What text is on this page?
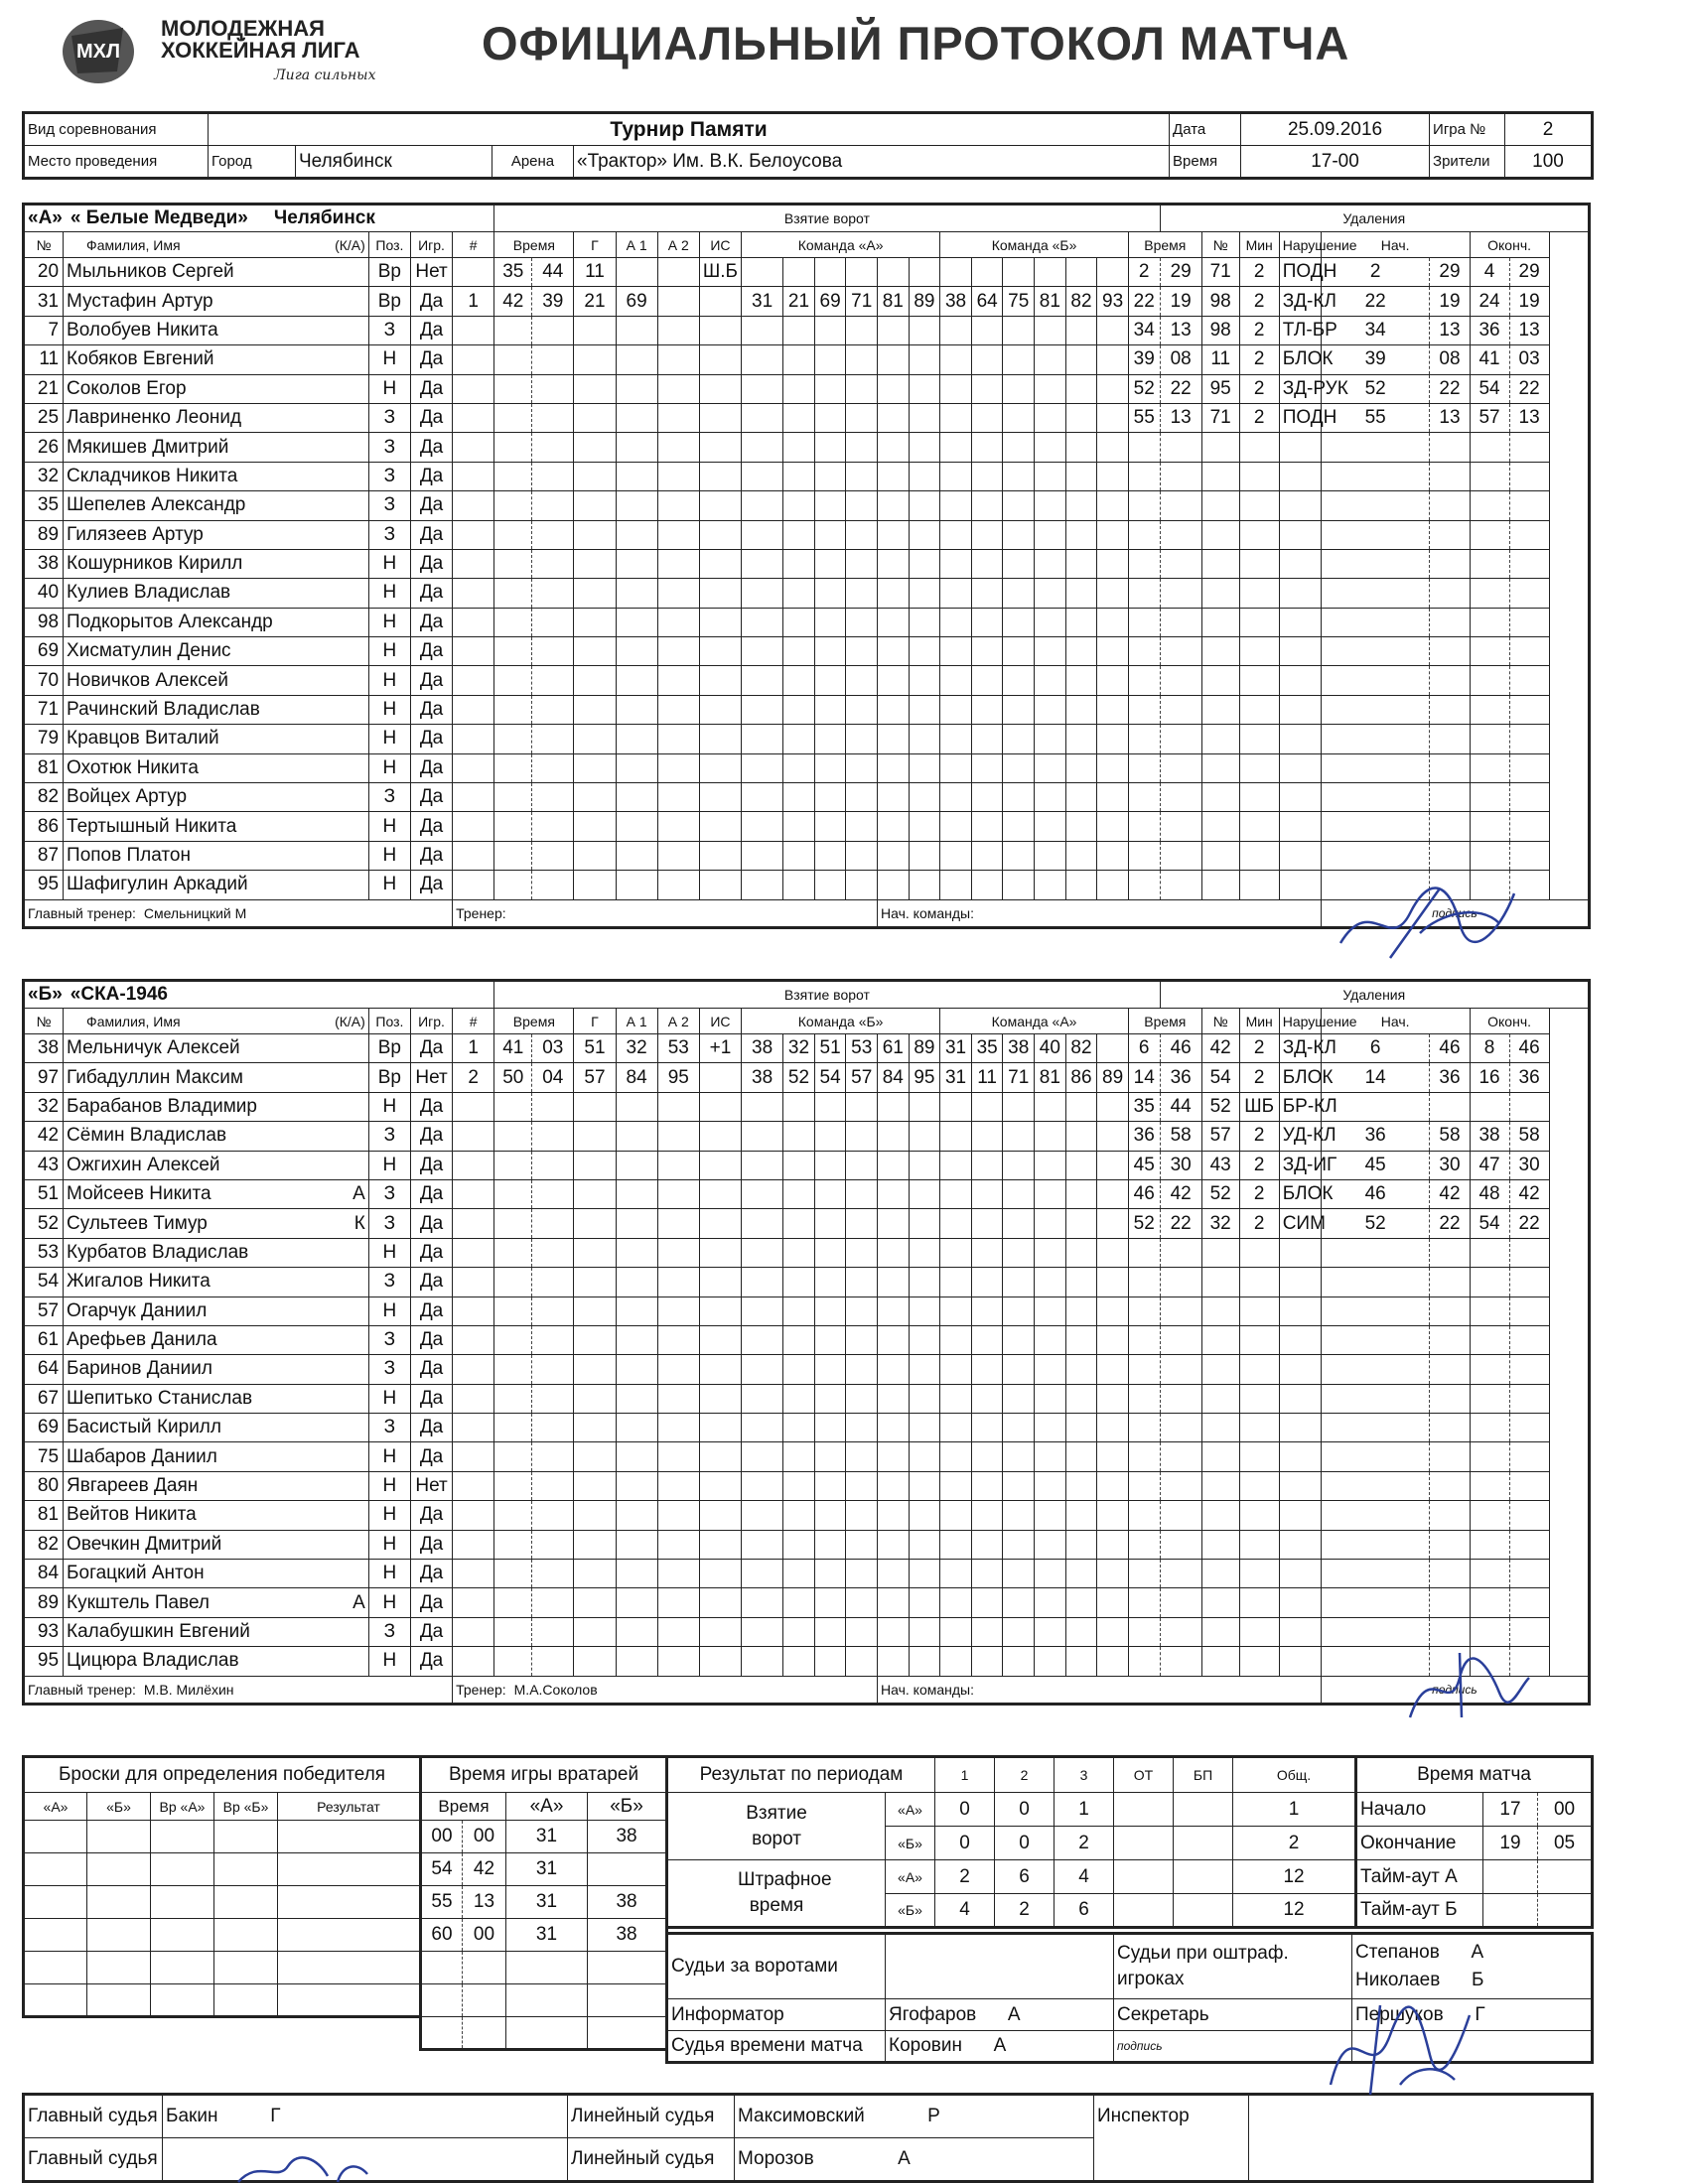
МХЛ
МОЛОДЕЖНАЯ
ХОККЕЙНАЯ ЛИГА
Лига сильных
ОФИЦИАЛЬНЫЙ ПРОТОКОЛ МАТЧА
Вид соревнования	Турнир Памяти				Дата	25.09.2016	Игра №	2
Место проведения	Город	Челябинск	Арена	«Трактор» Им. В.К. Белоусова	Время	17-00	Зрители	100
«А» « Белые Медведи» Челябинск					Взятие ворот																			Удаления							
№	Фамилия, Имя (К/А)	Поз.	Игр.	#	Время		Г	А 1	А 2	ИС	Команда «А»						Команда «Б»						Время		№	Мин	Нарушение	Нач.		Оконч.	
20	Мыльников Сергей	Вр	Нет		35	44	11			Ш.Б													2	29	71	2	ПОДН	2	29	4	29
31	Мустафин Артур	Вр	Да	1	42	39	21	69			31	21	69	71	81	89	38	64	75	81	82	93	22	19	98	2	ЗД-КЛ	22	19	24	19
7	Волобуев Никита	З	Да																				34	13	98	2	ТЛ-БР	34	13	36	13
11	Кобяков Евгений	Н	Да																				39	08	11	2	БЛОК	39	08	41	03
21	Соколов Егор	Н	Да																				52	22	95	2	ЗД-РУК	52	22	54	22
25	Лавриненко Леонид	З	Да																				55	13	71	2	ПОДН	55	13	57	13
26	Мякишев Дмитрий	З	Да																												
32	Складчиков Никита	З	Да																												
35	Шепелев Александр	З	Да																												
89	Гилязеев Артур	З	Да																												
38	Кошурников Кирилл	Н	Да																												
40	Кулиев Владислав	Н	Да																												
98	Подкорытов Александр	Н	Да																												
69	Хисматулин Денис	Н	Да																												
70	Новичков Алексей	Н	Да																												
71	Рачинский Владислав	Н	Да																												
79	Кравцов Виталий	Н	Да																												
81	Охотюк Никита	Н	Да																												
82	Войцех Артур	З	Да																												
86	Тертышный Никита	Н	Да																												
87	Попов Платон	Н	Да																												
95	Шафигулин Аркадий	Н	Да																												
Главный тренер: Смельницкий М				Тренер:											Нач. команды:													подпись			
«Б» «СКА-1946					Взятие ворот																			Удаления							
№	Фамилия, Имя (К/А)	Поз.	Игр.	#	Время		Г	А 1	А 2	ИС	Команда «Б»						Команда «А»						Время		№	Мин	Нарушение	Нач.		Оконч.	
38	Мельничук Алексей	Вр	Да	1	41	03	51	32	53	+1	38	32	51	53	61	89	31	35	38	40	82		6	46	42	2	ЗД-КЛ	6	46	8	46
97	Гибадуллин Максим	Вр	Нет	2	50	04	57	84	95		38	52	54	57	84	95	31	11	71	81	86	89	14	36	54	2	БЛОК	14	36	16	36
32	Барабанов Владимир	Н	Да																				35	44	52	ШБ	БР-КЛ				
42	Сёмин Владислав	З	Да																				36	58	57	2	УД-КЛ	36	58	38	58
43	Ожгихин Алексей	Н	Да																				45	30	43	2	ЗД-ИГ	45	30	47	30
51	Мойсеев Никита А	З	Да																				46	42	52	2	БЛОК	46	42	48	42
52	Сультеев Тимур К	З	Да																				52	22	32	2	СИМ	52	22	54	22
53	Курбатов Владислав	Н	Да																												
54	Жигалов Никита	З	Да																												
57	Огарчук Даниил	Н	Да																												
61	Арефьев Данила	З	Да																												
64	Баринов Даниил	З	Да																												
67	Шепитько Станислав	Н	Да																												
69	Басистый Кирилл	З	Да																												
75	Шабаров Даниил	Н	Да																												
80	Явгареев Даян	Н	Нет																												
81	Вейтов Никита	Н	Да																												
82	Овечкин Дмитрий	Н	Да																												
84	Богацкий Антон	Н	Да																												
89	Кукштель Павел А	Н	Да																												
93	Калабушкин Евгений	З	Да																												
95	Цицюра Владислав	Н	Да																												
Главный тренер: М.В. Милёхин				Тренер: М.А.Соколов											Нач. команды:													подпись			
Броски для определения победителя				
«А»	«Б»	Вр «А»	Вр «Б»	Результат

Время игры вратарей			
Время		«А»	«Б»
00	00	31	38
54	42	31	
55	13	31	38
60	00	31	38

Результат по периодам		1	2	3	ОТ	БП	Общ.
Взятие ворот	«А»	0	0	1			1
	«Б»	0	0	2			2
Штрафное время	«А»	2	6	4			12
	«Б»	4	2	6			12
Время матча		
Начало	17	00
Окончание	19	05
Тайм-аут А		
Тайм-аут Б		
Судьи за воротами		Судьи при оштраф. игроках	Степанов А
Николаев Б

Информатор	Ягофаров А	Секретарь	Першуков Г
Судья времени матча	Коровин А	подпись	
Главный судья	Бакин Г	Линейный судья	Максимовский Р	Инспектор	
Главный судья		Линейный судья	Морозов А		
